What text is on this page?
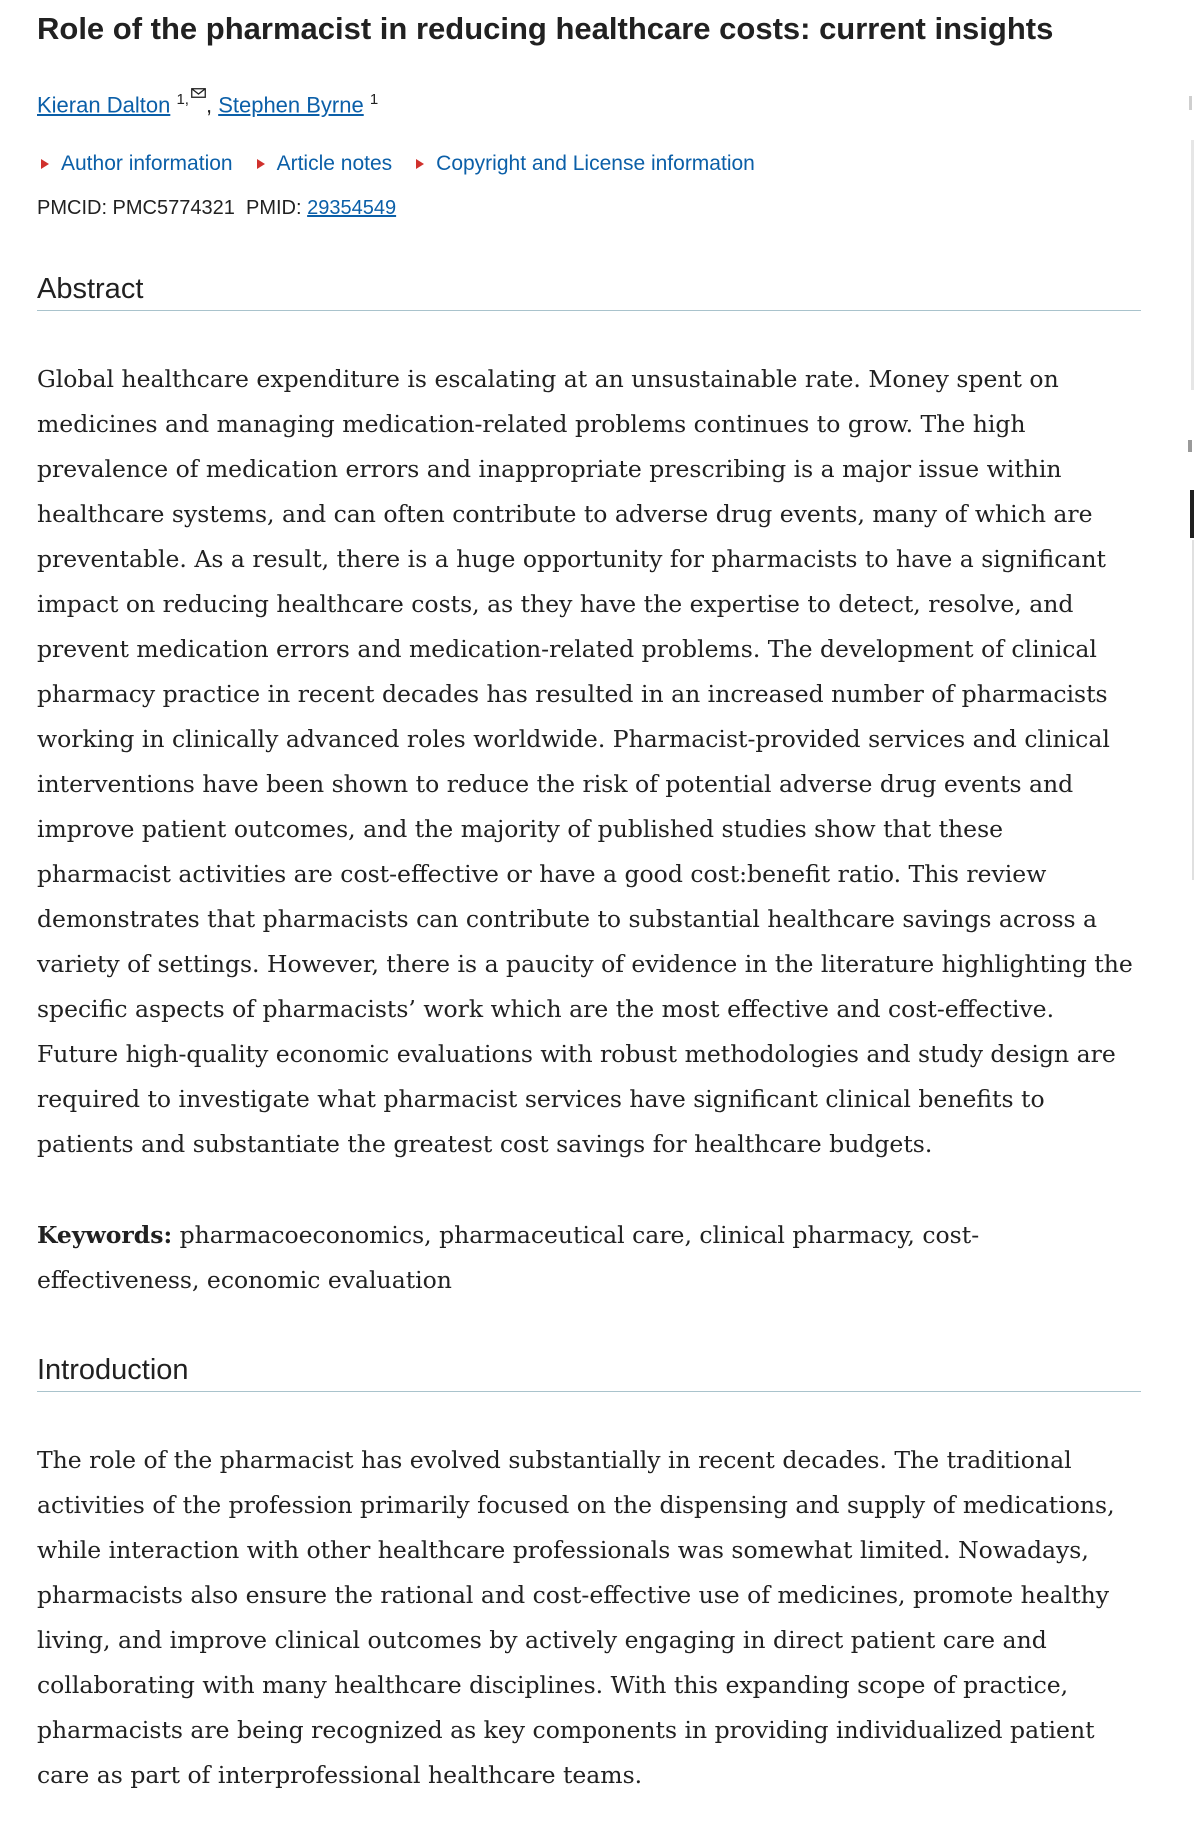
Role of the pharmacist in reducing healthcare costs: current insights
Kieran Dalton $^{1,}$ , Stephen Byrne $^1$
Author information Article notes Copyright and License information
PMCID: PMC5774321 PMID: 29354549
Abstract

Global healthcare expenditure is escalating at an unsustainable rate. Money spent on medicines and managing medication-related problems continues to grow. The high prevalence of medication errors and inappropriate prescribing is a major issue within healthcare systems, and can often contribute to adverse drug events, many of which are preventable. As a result, there is a huge opportunity for pharmacists to have a significant impact on reducing healthcare costs, as they have the expertise to detect, resolve, and prevent medication errors and medication-related problems. The development of clinical pharmacy practice in recent decades has resulted in an increased number of pharmacists working in clinically advanced roles worldwide. Pharmacist-provided services and clinical interventions have been shown to reduce the risk of potential adverse drug events and improve patient outcomes, and the majority of published studies show that these pharmacist activities are cost-effective or have a good cost:benefit ratio. This review demonstrates that pharmacists can contribute to substantial healthcare savings across a variety of settings. However, there is a paucity of evidence in the literature highlighting the specific aspects of pharmacists’ work which are the most effective and cost-effective. Future high-quality economic evaluations with robust methodologies and study design are required to investigate what pharmacist services have significant clinical benefits to patients and substantiate the greatest cost savings for healthcare budgets.

Keywords: pharmacoeconomics, pharmaceutical care, clinical pharmacy, cost-effectiveness, economic evaluation

Introduction

The role of the pharmacist has evolved substantially in recent decades. The traditional activities of the profession primarily focused on the dispensing and supply of medications, while interaction with other healthcare professionals was somewhat limited. Nowadays, pharmacists also ensure the rational and cost-effective use of medicines, promote healthy living, and improve clinical outcomes by actively engaging in direct patient care and collaborating with many healthcare disciplines. With this expanding scope of practice, pharmacists are being recognized as key components in providing individualized patient care as part of interprofessional healthcare teams.
